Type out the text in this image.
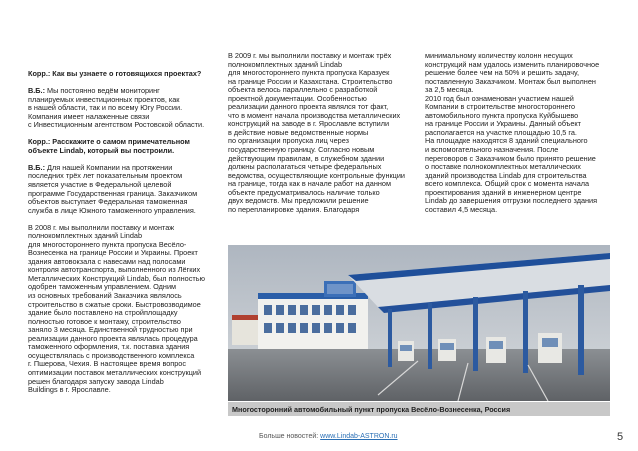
Корр.: Как вы узнаете о готовящихся проектах?

В.Б.: Мы постоянно ведём мониторинг
планируемых инвестиционных проектов, как
в нашей области, так и по всему Югу России.
Компания имеет налаженные связи
с Инвестиционным агентством Ростовской области.

Корр.: Расскажите о самом примечательном
объекте Lindab, который вы построили.

В.Б.: Для нашей Компании на протяжении
последних трёх лет показательным проектом
является участие в Федеральной целевой
программе Государственная граница. Заказчиком
объектов выступает Федеральная таможенная
служба в лице Южного таможенного управления.

В 2008 г. мы выполнили поставку и монтаж
полнокомплектных зданий Lindab
для многостороннего пункта пропуска Весёло-
Вознесенка на границе России и Украины. Проект
здания автовокзала с навесами над полосами
контроля автотранспорта, выполненного из Лёгких
Металлических Конструкций Lindab, был полностью
одобрен таможенным управлением. Одним
из основных требований Заказчика являлось
строительство в сжатые сроки. Быстровозводимое
здание было поставлено на стройплощадку
полностью готовое к монтажу, строительство
заняло 3 месяца. Единственной трудностью при
реализации данного проекта являлась процедура
таможенного оформления, т.к. поставка здания
осуществлялась с производственного комплекса
г. Пшерова, Чехия. В настоящее время вопрос
оптимизации поставок металлических конструкций
решен благодаря запуску завода Lindab
Buildings в г. Ярославле.

В 2009 г. мы выполнили поставку и монтаж трёх
полнокомплектных зданий Lindab
для многостороннего пункта пропуска Каразуек
на границе России и Казахстана. Строительство
объекта велось параллельно с разработкой
проектной документации. Особенностью
реализации данного проекта являлся тот факт,
что в момент начала производства металлических
конструкций на заводе в г. Ярославле вступили
в действие новые ведомственные нормы
по организации пропуска лиц через
государственную границу. Согласно новым
действующим правилам, в служебном здании
должны располагаться четыре федеральных
ведомства, осуществляющие контрольные функции
на границе, тогда как в начале работ на данном
объекте предусматривалось наличие только
двух ведомств. Мы предложили решение
по перепланировке здания. Благодаря

минимальному количеству колонн несущих
конструкций нам удалось изменить планировочное
решение более чем на 50% и решить задачу,
поставленную Заказчиком. Монтаж был выполнен
за 2,5 месяца.
2010 год был ознаменован участием нашей
Компании в строительстве многостороннего
автомобильного пункта пропуска Куйбышево
на границе России и Украины. Данный объект
располагается на участке площадью 10,5 га.
На площадке находятся 8 зданий специального
и вспомогательного назначения. После
переговоров с Заказчиком было принято решение
о поставке полнокомплектных металлических
зданий производства Lindab для строительства
всего комплекса. Общий срок с момента начала
проектирования зданий в инженерном центре
Lindab до завершения отгрузки последнего здания
составил 4,5 месяца.

Многосторонний автомобильный пункт пропуска Весёло-Вознесенка, Россия
Больше новостей: www.Lindab-ASTRON.ru	5
